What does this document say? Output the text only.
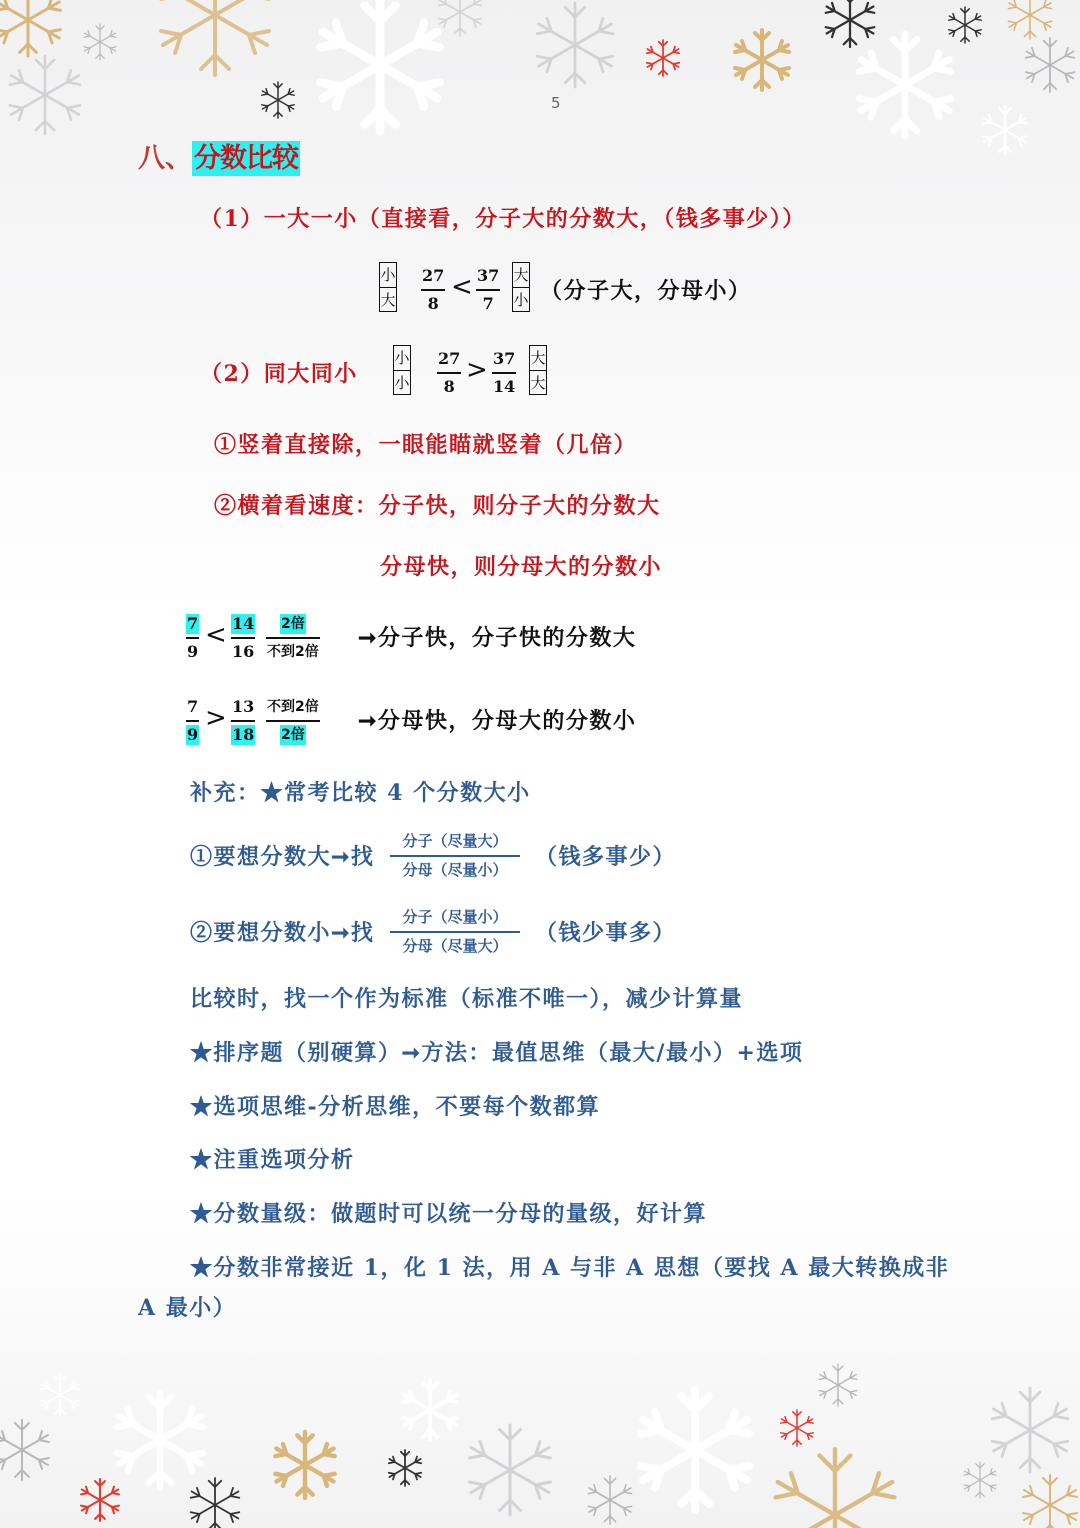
5
八、分数比较
（1）一大一小（直接看，分子大的分数大，（钱多事少））
小
大
27
8
< 37
7
大
小 （分子大，分母小）
（2）同大同小
小
小
27
8
> 37
14
大
大
①竖着直接除，一眼能瞄就竖着（几倍）
②横着看速度：分子快，则分子大的分数大
分母快，则分母大的分数小
7
9
< 14
16
2倍
不到2倍
➞分子快，分子快的分数大
7
9
> 13
18
不到2倍
2倍
➞分母快，分母大的分数小
补充：★常考比较 4 个分数大小
①要想分数大➞找
分子（尽量大）
分母（尽量小） （钱多事少）
②要想分数小➞找
分子（尽量小）
分母（尽量大） （钱少事多）
比较时，找一个作为标准（标准不唯一），减少计算量
★排序题（别硬算）➞方法：最值思维（最大/最小）+选项
★选项思维-分析思维，不要每个数都算
★注重选项分析
★分数量级：做题时可以统一分母的量级，好计算
★分数非常接近 1，化 1 法，用 A 与非 A 思想（要找 A 最大转换成非
A 最小）
